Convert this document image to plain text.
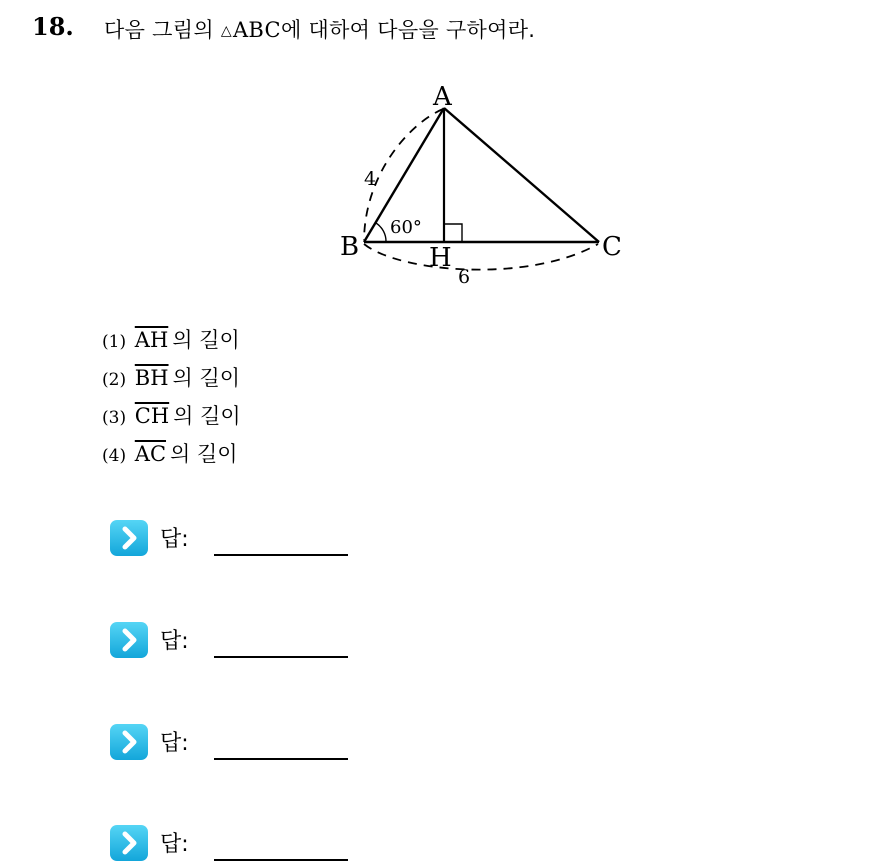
18. 다음 그림의 △ABC에 대하여 다음을 구하여라.
A
B	C
H
4
6
60°
(1) $\overline{AH}$ 의 길이
(2) $\overline{BH}$ 의 길이
(3) $\overline{CH}$ 의 길이
(4) $\overline{AC}$ 의 길이
답:
답:
답:
답:
